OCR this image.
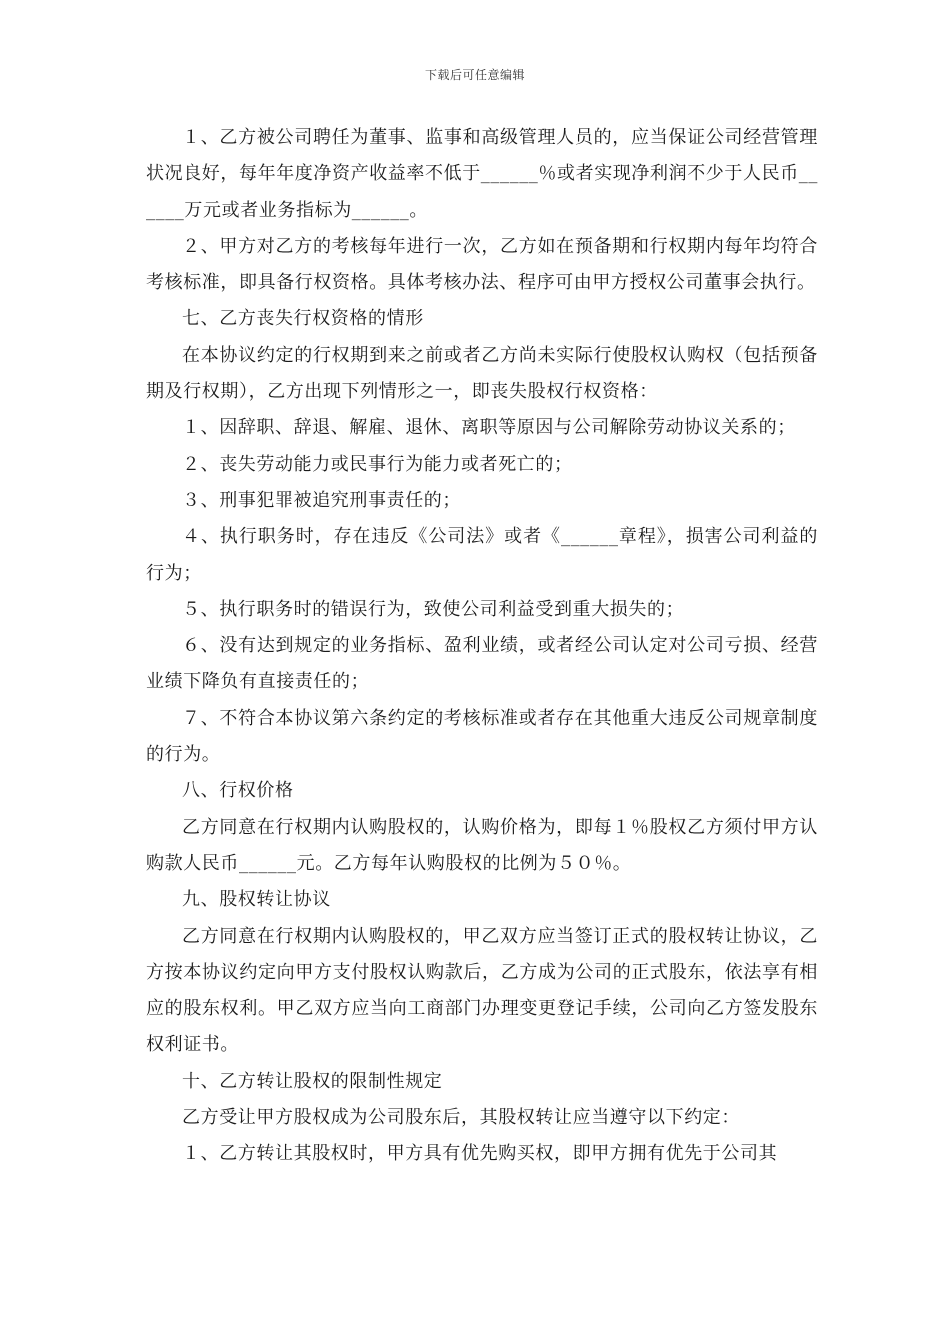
下载后可任意编辑

１、乙方被公司聘任为董事、监事和高级管理人员的，应当保证公司经营管理状况良好，每年年度净资产收益率不低于______％或者实现净利润不少于人民币______万元或者业务指标为______。

２、甲方对乙方的考核每年进行一次，乙方如在预备期和行权期内每年均符合考核标准，即具备行权资格。具体考核办法、程序可由甲方授权公司董事会执行。

七、乙方丧失行权资格的情形

在本协议约定的行权期到来之前或者乙方尚未实际行使股权认购权（包括预备期及行权期），乙方出现下列情形之一，即丧失股权行权资格：

１、因辞职、辞退、解雇、退休、离职等原因与公司解除劳动协议关系的；

２、丧失劳动能力或民事行为能力或者死亡的；

３、刑事犯罪被追究刑事责任的；

４、执行职务时，存在违反《公司法》或者《______章程》，损害公司利益的行为；

５、执行职务时的错误行为，致使公司利益受到重大损失的；

６、没有达到规定的业务指标、盈利业绩，或者经公司认定对公司亏损、经营业绩下降负有直接责任的；

７、不符合本协议第六条约定的考核标准或者存在其他重大违反公司规章制度的行为。

八、行权价格

乙方同意在行权期内认购股权的，认购价格为，即每１％股权乙方须付甲方认购款人民币______元。乙方每年认购股权的比例为５０％。

九、股权转让协议

乙方同意在行权期内认购股权的，甲乙双方应当签订正式的股权转让协议，乙方按本协议约定向甲方支付股权认购款后，乙方成为公司的正式股东，依法享有相应的股东权利。甲乙双方应当向工商部门办理变更登记手续，公司向乙方签发股东权利证书。

十、乙方转让股权的限制性规定

乙方受让甲方股权成为公司股东后，其股权转让应当遵守以下约定：

１、乙方转让其股权时，甲方具有优先购买权，即甲方拥有优先于公司其
